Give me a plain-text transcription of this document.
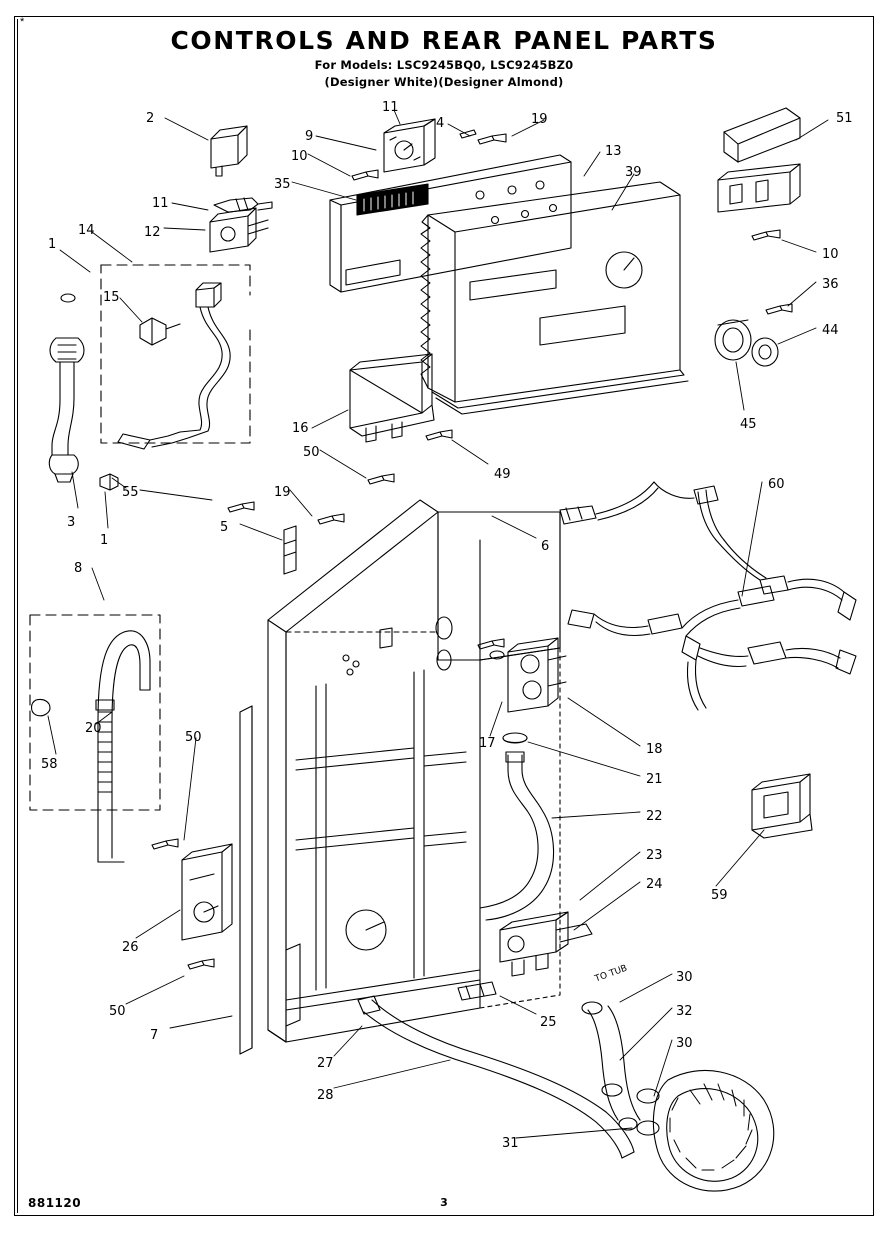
*
CONTROLS AND REAR PANEL PARTS
For Models: LSC9245BQ0, LSC9245BZ0
(Designer White)(Designer Almond)
1
2
3
4
5
6
7
8
9
10
11
12
13
14
15
16
17	18
19
20
21
22
23
24
25
26
27
28
30
31
32
30
35
36
39
44
45
49
50
50
50
51
55
58
59
60
10
19
1
11
TO TUB
881120	3
